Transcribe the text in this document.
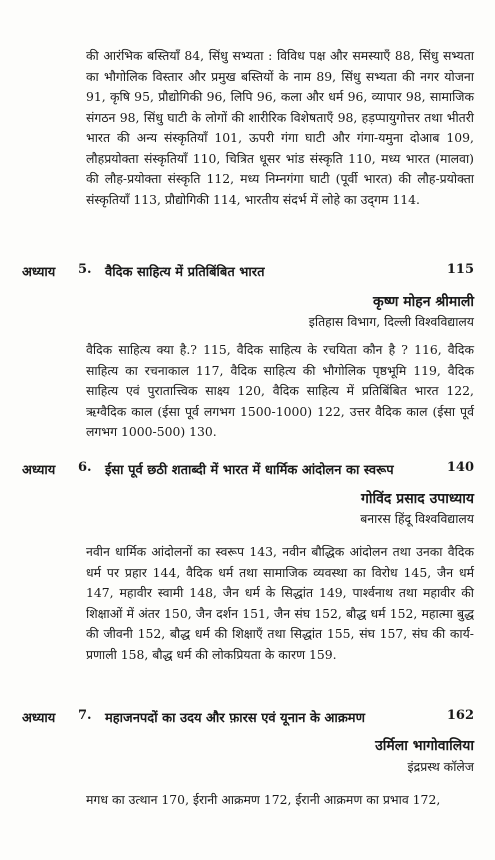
की आरंभिक बस्तियाँ 84, सिंधु सभ्यता : विविध पक्ष और समस्याएँ 88, सिंधु सभ्यता का भौगोलिक विस्तार और प्रमुख बस्तियों के नाम 89, सिंधु सभ्यता की नगर योजना 91, कृषि 95, प्रौद्योगिकी 96, लिपि 96, कला और धर्म 96, व्यापार 98, सामाजिक संगठन 98, सिंधु घाटी के लोगों की शारीरिक विशेषताएँ 98, हड़प्पायुगोत्तर तथा भीतरी भारत की अन्य संस्कृतियाँ 101, ऊपरी गंगा घाटी और गंगा-यमुना दोआब 109, लौहप्रयोक्ता संस्कृतियाँ 110, चित्रित धूसर भांड संस्कृति 110, मध्य भारत (मालवा) की लौह-प्रयोक्ता संस्कृति 112, मध्य निम्नगंगा घाटी (पूर्वी भारत) की लौह-प्रयोक्ता संस्कृतियाँ 113, प्रौद्योगिकी 114, भारतीय संदर्भ में लोहे का उद्‌गम 114.

अध्याय 5. वैदिक साहित्य में प्रतिबिंबित भारत	115
कृष्ण मोहन श्रीमाली
इतिहास विभाग, दिल्ली विश्वविद्यालय

वैदिक साहित्य क्या है.? 115, वैदिक साहित्य के रचयिता कौन है ? 116, वैदिक साहित्य का रचनाकाल 117, वैदिक साहित्य की भौगोलिक पृष्ठभूमि 119, वैदिक साहित्य एवं पुरातात्त्विक साक्ष्य 120, वैदिक साहित्य में प्रतिबिंबित भारत 122, ऋग्वैदिक काल (ईसा पूर्व लगभग 1500-1000) 122, उत्तर वैदिक काल (ईसा पूर्व लगभग 1000-500) 130.

अध्याय 6. ईसा पूर्व छठी शताब्दी में भारत में धार्मिक आंदोलन का स्वरूप	140
गोविंद प्रसाद उपाध्याय
बनारस हिंदू विश्वविद्यालय

नवीन धार्मिक आंदोलनों का स्वरूप 143, नवीन बौद्धिक आंदोलन तथा उनका वैदिक धर्म पर प्रहार 144, वैदिक धर्म तथा सामाजिक व्यवस्था का विरोध 145, जैन धर्म 147, महावीर स्वामी 148, जैन धर्म के सिद्धांत 149, पार्श्वनाथ तथा महावीर की शिक्षाओं में अंतर 150, जैन दर्शन 151, जैन संघ 152, बौद्ध धर्म 152, महात्मा बुद्ध की जीवनी 152, बौद्ध धर्म की शिक्षाएँ तथा सिद्धांत 155, संघ 157, संघ की कार्य-प्रणाली 158, बौद्ध धर्म की लोकप्रियता के कारण 159.

अध्याय 7. महाजनपदों का उदय और फ़ारस एवं यूनान के आक्रमण	162
उर्मिला भागोवालिया
इंद्रप्रस्थ कॉलेज

मगध का उत्थान 170, ईरानी आक्रमण 172, ईरानी आक्रमण का प्रभाव 172,
